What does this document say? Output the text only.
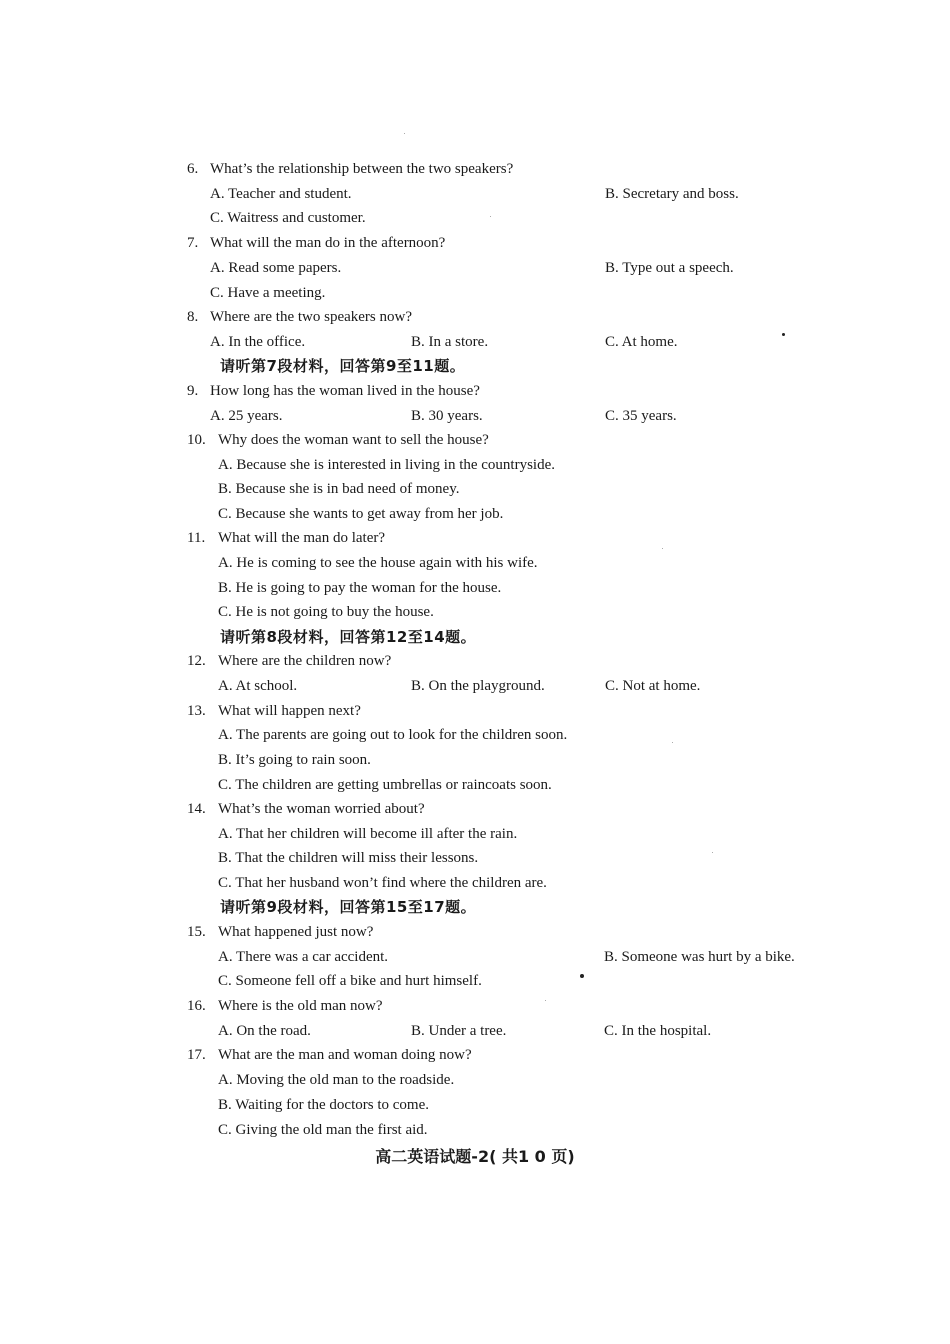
6. What’s the relationship between the two speakers?
A. Teacher and student.	B. Secretary and boss.
C. Waitress and customer.
7. What will the man do in the afternoon?
A. Read some papers.	B. Type out a speech.
C. Have a meeting.
8. Where are the two speakers now?
A. In the office.	B. In a store.	C. At home.
请听第7段材料，回答第9至11题。
9. How long has the woman lived in the house?
A. 25 years.	B. 30 years.	C. 35 years.
10. Why does the woman want to sell the house?
A. Because she is interested in living in the countryside.
B. Because she is in bad need of money.
C. Because she wants to get away from her job.
11. What will the man do later?
A. He is coming to see the house again with his wife.
B. He is going to pay the woman for the house.
C. He is not going to buy the house.
请听第8段材料，回答第12至14题。
12. Where are the children now?
A. At school.	B. On the playground.	C. Not at home.
13. What will happen next?
A. The parents are going out to look for the children soon.
B. It’s going to rain soon.
C. The children are getting umbrellas or raincoats soon.
14. What’s the woman worried about?
A. That her children will become ill after the rain.
B. That the children will miss their lessons.
C. That her husband won’t find where the children are.
请听第9段材料，回答第15至17题。
15. What happened just now?
A. There was a car accident.	B. Someone was hurt by a bike.
C. Someone fell off a bike and hurt himself.
16. Where is the old man now?
A. On the road.	B. Under a tree.	C. In the hospital.
17. What are the man and woman doing now?
A. Moving the old man to the roadside.
B. Waiting for the doctors to come.
C. Giving the old man the first aid.
高二英语试题-2( 共1 0 页)
